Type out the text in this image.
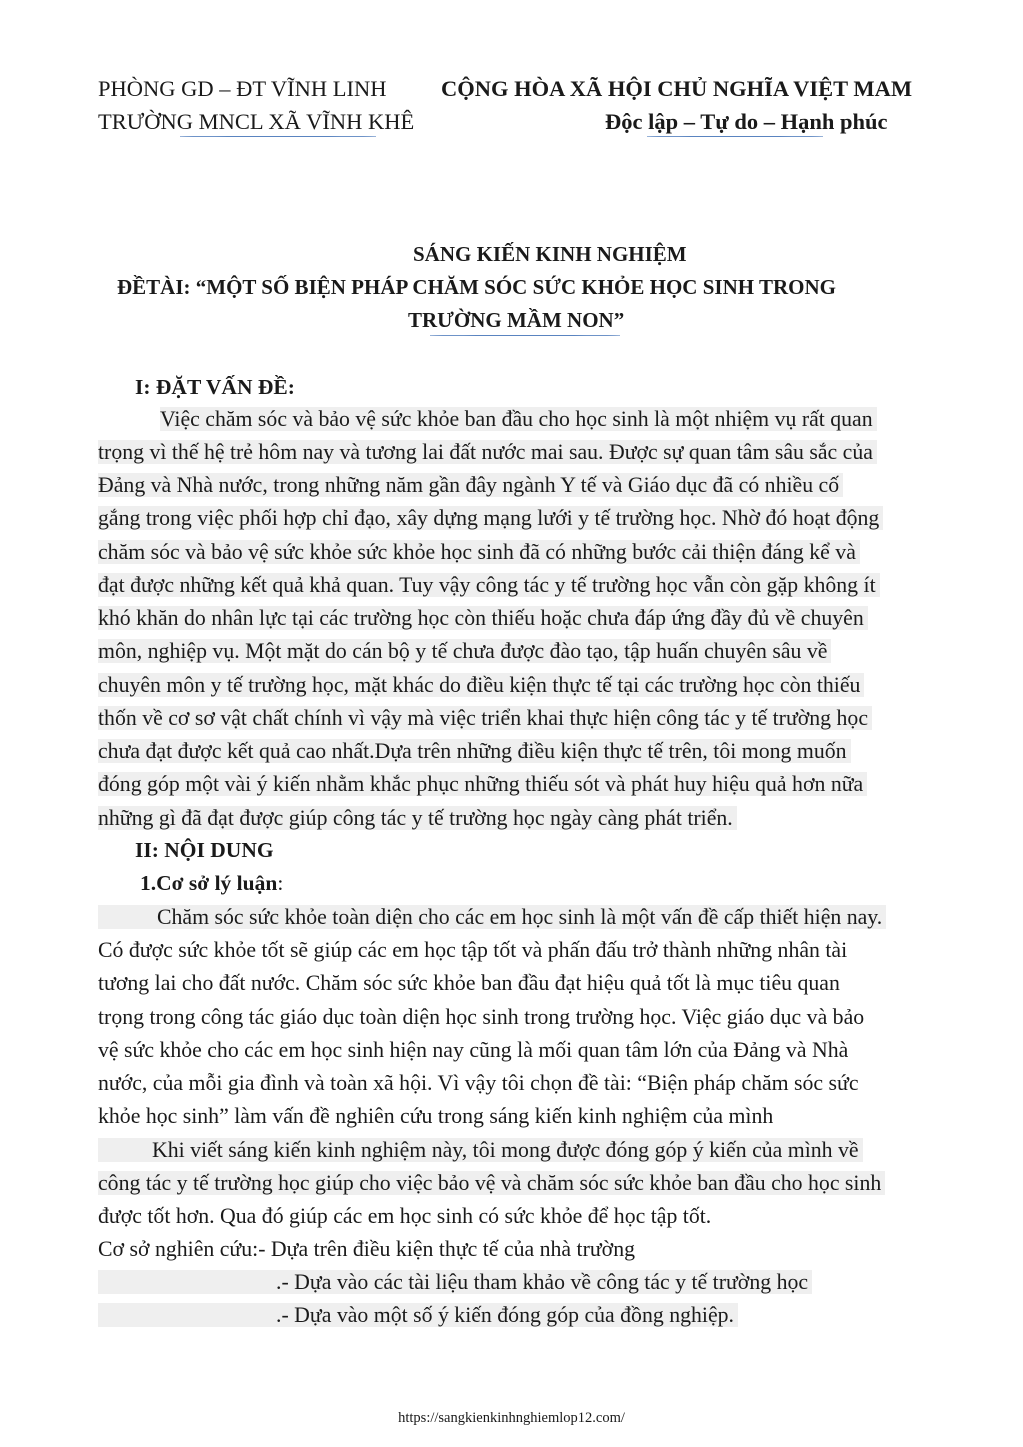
PHÒNG GD – ĐT VĨNH LINH
TRƯỜNG MNCL XÃ VĨNH KHÊ
CỘNG HÒA XÃ HỘI CHỦ NGHĨA VIỆT MAM
Độc lập – Tự do – Hạnh phúc
SÁNG KIẾN KINH NGHIỆM
ĐỀTÀI: “MỘT SỐ BIỆN PHÁP CHĂM SÓC SỨC KHỎE HỌC SINH TRONG
TRƯỜNG MẦM NON”
I: ĐẶT VẤN ĐỀ:
Việc chăm sóc và bảo vệ sức khỏe ban đầu cho học sinh là một nhiệm vụ rất quan
trọng vì thế hệ trẻ hôm nay và tương lai đất nước mai sau. Được sự quan tâm sâu sắc của
Đảng và Nhà nước, trong những năm gần đây ngành Y tế và Giáo dục đã có nhiều cố
gắng trong việc phối hợp chỉ đạo, xây dựng mạng lưới y tế trường học. Nhờ đó hoạt động
chăm sóc và bảo vệ sức khỏe sức khỏe học sinh đã có những bước cải thiện đáng kể và
đạt được những kết quả khả quan. Tuy vậy công tác y tế trường học vẫn còn gặp không ít
khó khăn do nhân lực tại các trường học còn thiếu hoặc chưa đáp ứng đầy đủ về chuyên
môn, nghiệp vụ. Một mặt do cán bộ y tế chưa được đào tạo, tập huấn chuyên sâu về
chuyên môn y tế trường học, mặt khác do điều kiện thực tế tại các trường học còn thiếu
thốn về cơ sơ vật chất chính vì vậy mà việc triển khai thực hiện công tác y tế trường học
chưa đạt được kết quả cao nhất.Dựa trên những điều kiện thực tế trên, tôi mong muốn
đóng góp một vài ý kiến nhằm khắc phục những thiếu sót và phát huy hiệu quả hơn nữa
những gì đã đạt được giúp công tác y tế trường học ngày càng phát triển.
II: NỘI DUNG
1.Cơ sở lý luận:
Chăm sóc sức khỏe toàn diện cho các em học sinh là một vấn đề cấp thiết hiện nay.
Có được sức khỏe tốt sẽ giúp các em học tập tốt và phấn đấu trở thành những nhân tài
tương lai cho đất nước. Chăm sóc sức khỏe ban đầu đạt hiệu quả tốt là mục tiêu quan
trọng trong công tác giáo dục toàn diện học sinh trong trường học. Việc giáo dục và bảo
vệ sức khỏe cho các em học sinh hiện nay cũng là mối quan tâm lớn của Đảng và Nhà
nước, của mỗi gia đình và toàn xã hội. Vì vậy tôi chọn đề tài: “Biện pháp chăm sóc sức
khỏe học sinh” làm vấn đề nghiên cứu trong sáng kiến kinh nghiệm của mình
Khi viết sáng kiến kinh nghiệm này, tôi mong được đóng góp ý kiến của mình về
công tác y tế trường học giúp cho việc bảo vệ và chăm sóc sức khỏe ban đầu cho học sinh
được tốt hơn. Qua đó giúp các em học sinh có sức khỏe để học tập tốt.
Cơ sở nghiên cứu:- Dựa trên điều kiện thực tế của nhà trường
.- Dựa vào các tài liệu tham khảo về công tác y tế trường học
.- Dựa vào một số ý kiến đóng góp của đồng nghiệp.
https://sangkienkinhnghiemlop12.com/
